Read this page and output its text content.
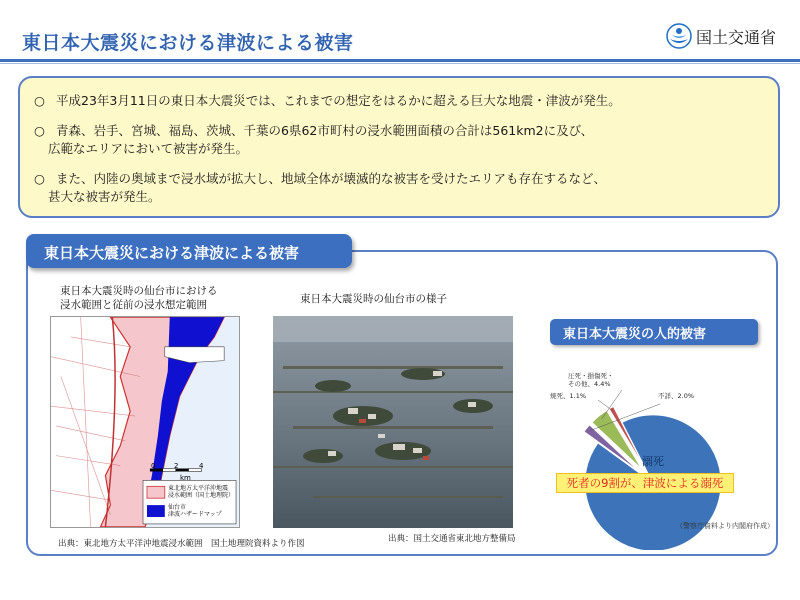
東日本大震災における津波による被害	国土交通省
○ 平成23年3月11日の東日本大震災では、これまでの想定をはるかに超える巨大な地震・津波が発生。
○ 青森、岩手、宮城、福島、茨城、千葉の6県62市町村の浸水範囲面積の合計は561km2に及び、
広範なエリアにおいて被害が発生。
○ また、内陸の奥域まで浸水域が拡大し、地域全体が壊滅的な被害を受けたエリアも存在するなど、
甚大な被害が発生。
東日本大震災における津波による被害
東日本大震災時の仙台市における
浸水範囲と従前の浸水想定範囲
0	2	4
km
東北地方太平洋沖地震
浸水範囲（国土地理院）
仙台市
津波ハザードマップ
出典：東北地方太平洋沖地震浸水範囲　国土地理院資料より作図
東日本大震災時の仙台市の様子
出典：国土交通省東北地方整備局
東日本大震災の人的被害
不詳、2.0%
圧死・損傷死・その他、4.4%
焼死、1.1%
溺死
死者の9割が、津波による溺死
（警察庁資料より内閣府作成）
